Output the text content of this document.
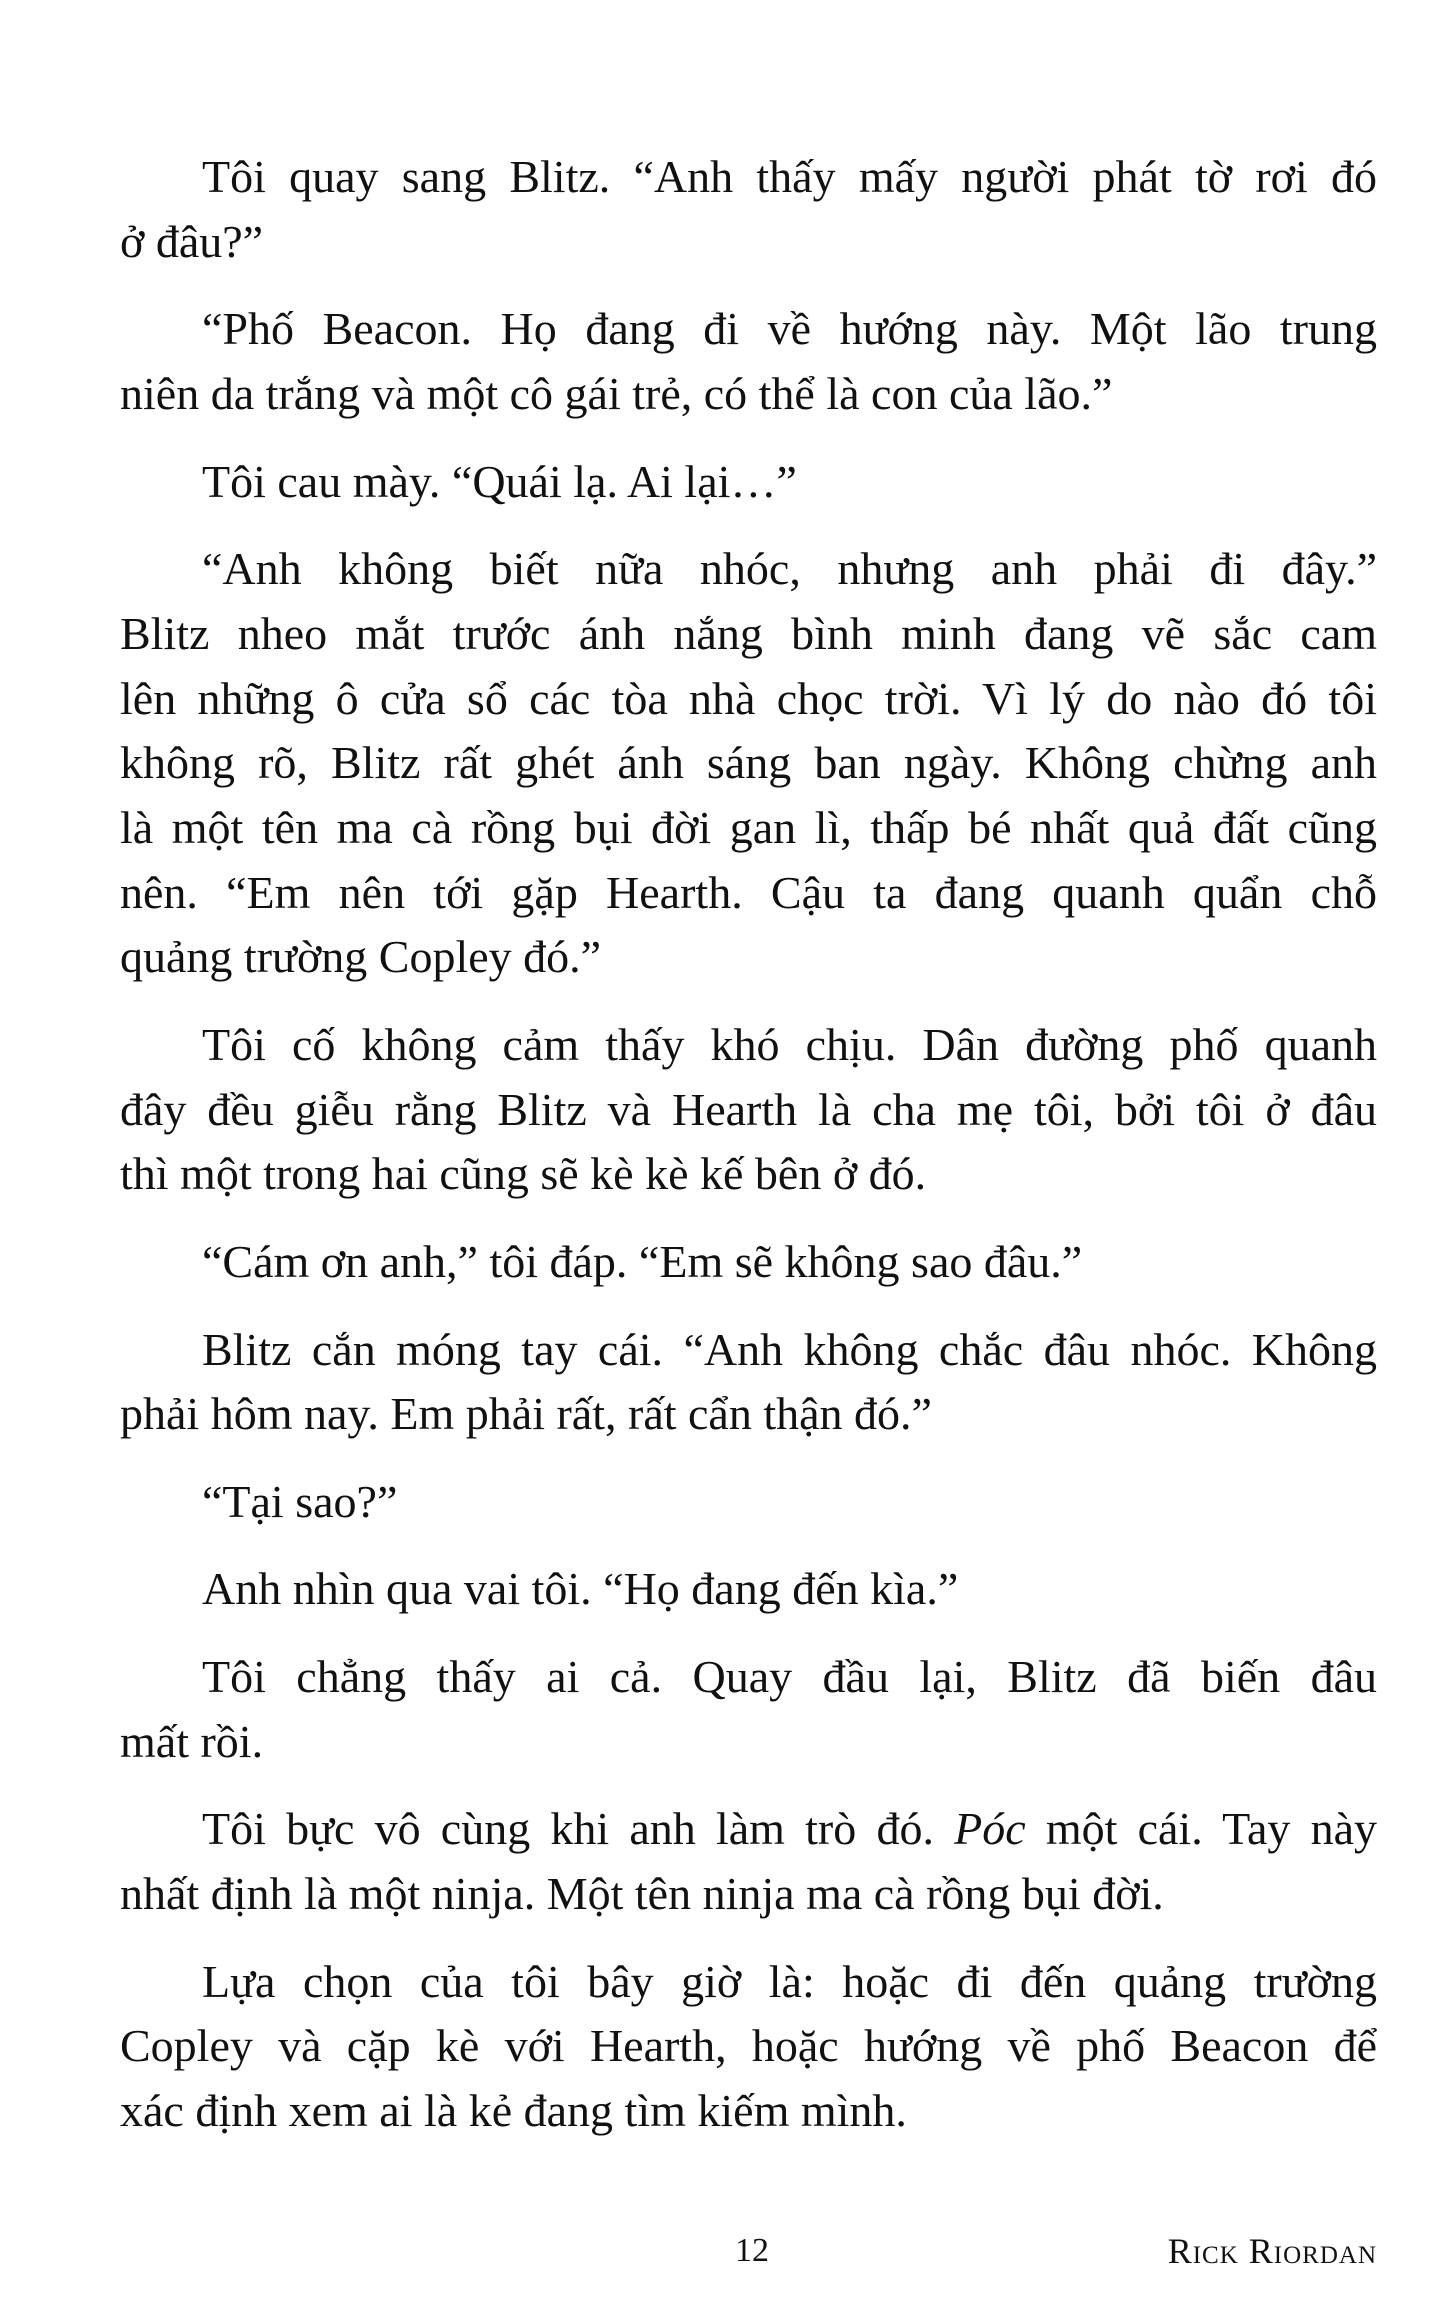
Tôi quay sang Blitz. “Anh thấy mấy người phát tờ rơi đó
ở đâu?”
“Phố Beacon. Họ đang đi về hướng này. Một lão trung
niên da trắng và một cô gái trẻ, có thể là con của lão.”
Tôi cau mày. “Quái lạ. Ai lại…”
“Anh không biết nữa nhóc, nhưng anh phải đi đây.”
Blitz nheo mắt trước ánh nắng bình minh đang vẽ sắc cam
lên những ô cửa sổ các tòa nhà chọc trời. Vì lý do nào đó tôi
không rõ, Blitz rất ghét ánh sáng ban ngày. Không chừng anh
là một tên ma cà rồng bụi đời gan lì, thấp bé nhất quả đất cũng
nên. “Em nên tới gặp Hearth. Cậu ta đang quanh quẩn chỗ
quảng trường Copley đó.”
Tôi cố không cảm thấy khó chịu. Dân đường phố quanh
đây đều giễu rằng Blitz và Hearth là cha mẹ tôi, bởi tôi ở đâu
thì một trong hai cũng sẽ kè kè kế bên ở đó.
“Cám ơn anh,” tôi đáp. “Em sẽ không sao đâu.”
Blitz cắn móng tay cái. “Anh không chắc đâu nhóc. Không
phải hôm nay. Em phải rất, rất cẩn thận đó.”
“Tại sao?”
Anh nhìn qua vai tôi. “Họ đang đến kìa.”
Tôi chẳng thấy ai cả. Quay đầu lại, Blitz đã biến đâu
mất rồi.
Tôi bực vô cùng khi anh làm trò đó. Póc một cái. Tay này
nhất định là một ninja. Một tên ninja ma cà rồng bụi đời.
Lựa chọn của tôi bây giờ là: hoặc đi đến quảng trường
Copley và cặp kè với Hearth, hoặc hướng về phố Beacon để
xác định xem ai là kẻ đang tìm kiếm mình.
12	Rick Riordan
